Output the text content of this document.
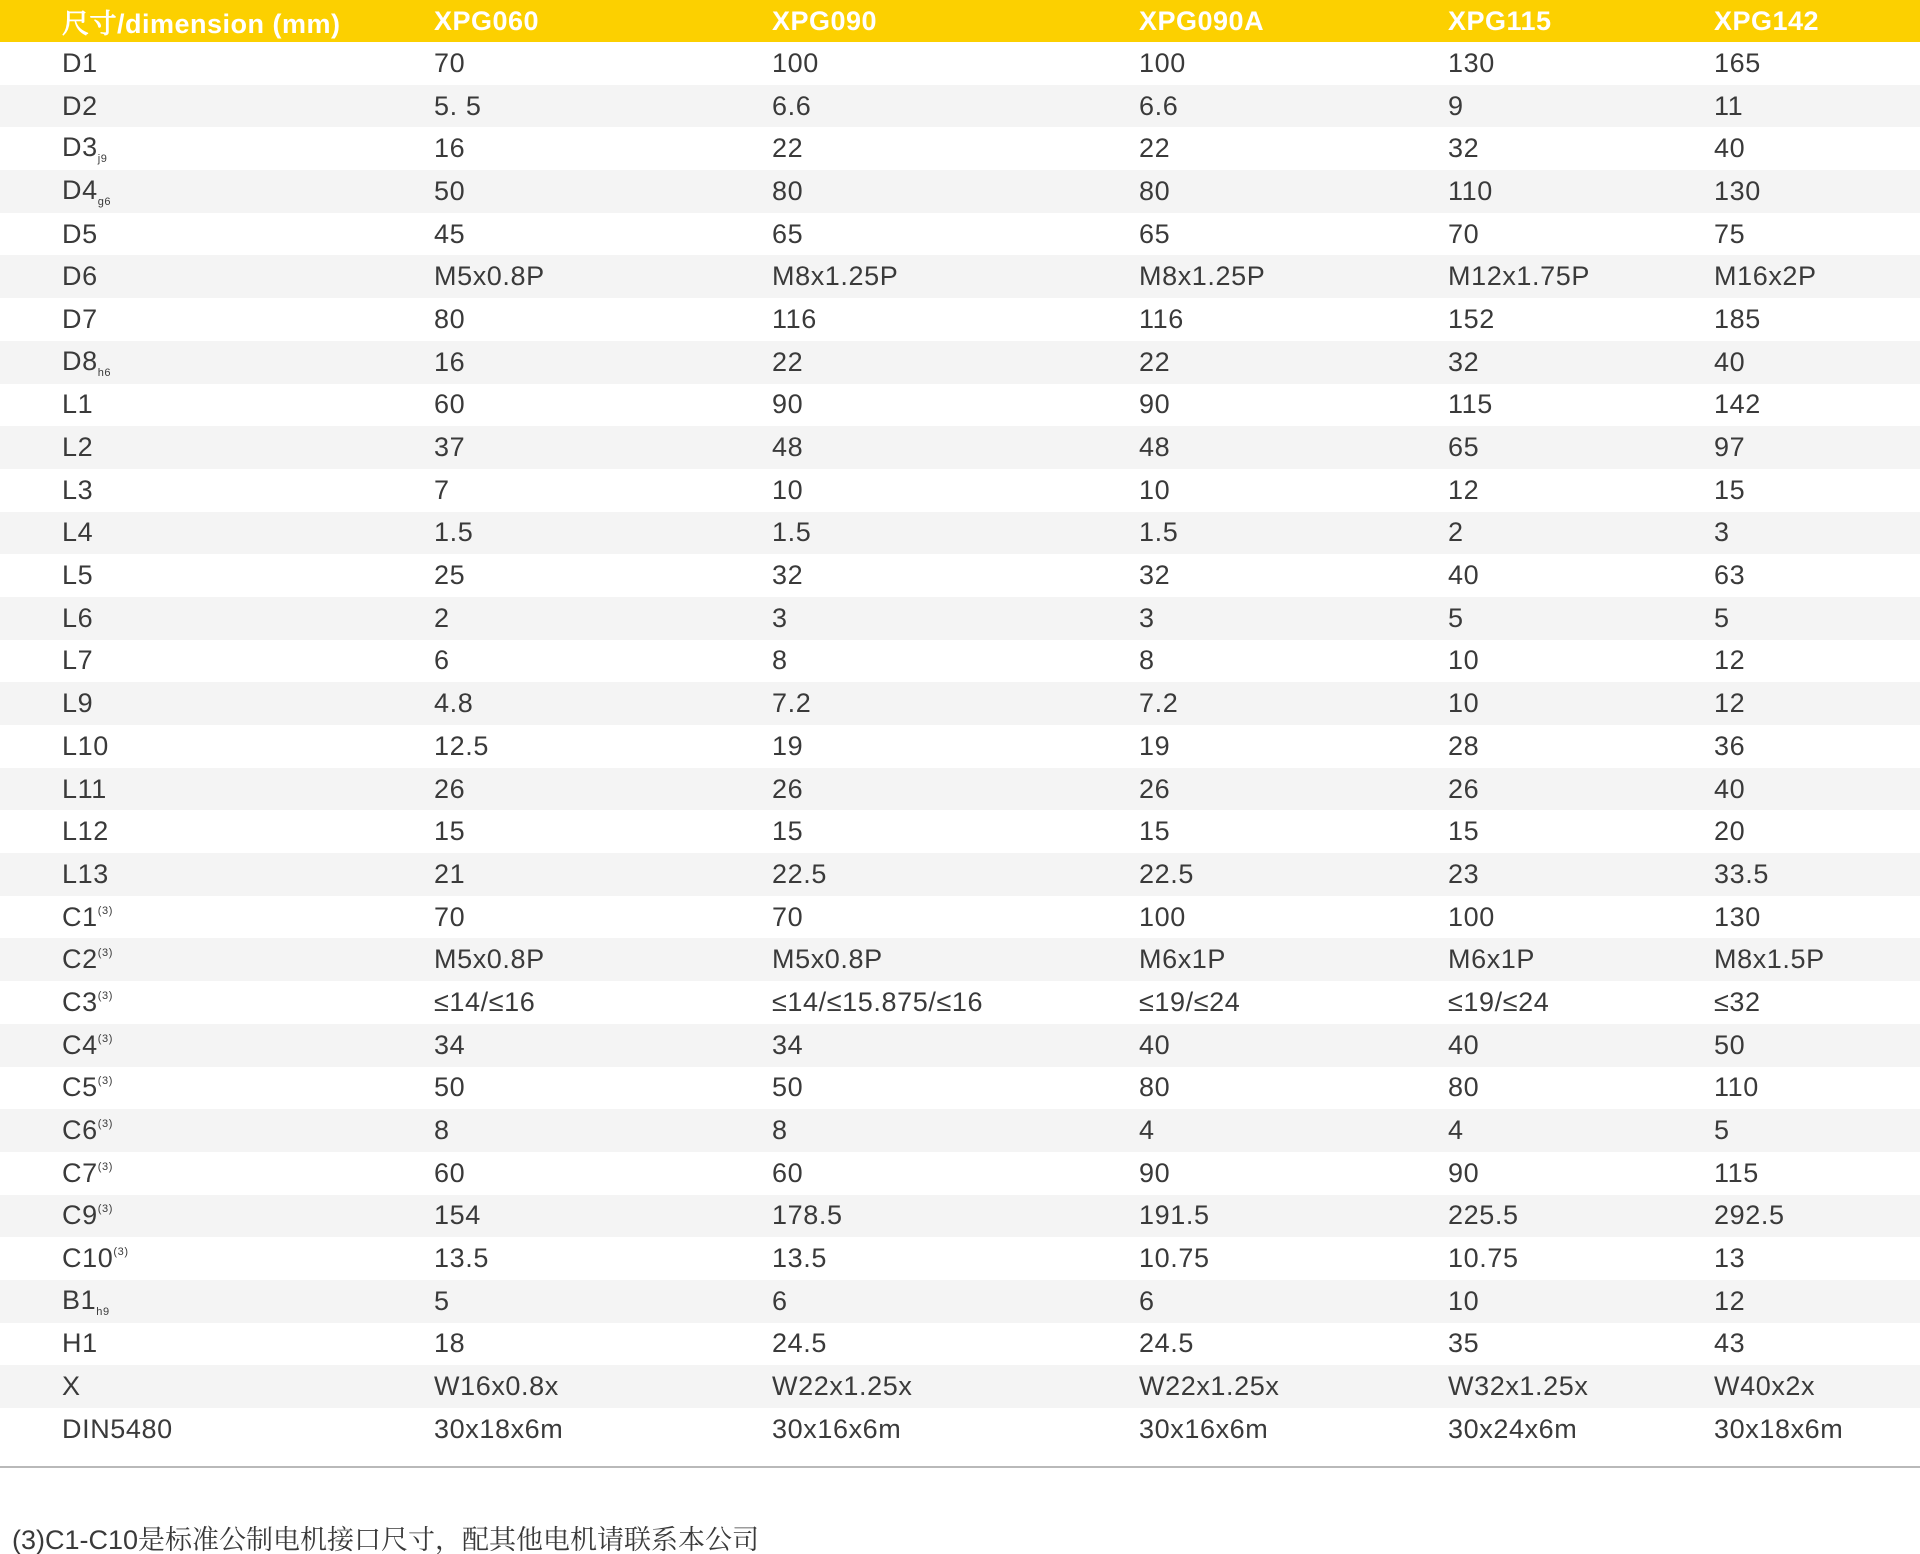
尺寸/dimension (mm)	XPG060	XPG090	XPG090A	XPG115	XPG142
D1	70	100	100	130	165
D2	5. 5	6.6	6.6	9	11
$D3_{j9}$	16	22	22	32	40
$D4_{g6}$	50	80	80	110	130
D5	45	65	65	70	75
D6	M5x0.8P	M8x1.25P	M8x1.25P	M12x1.75P	M16x2P
D7	80	116	116	152	185
$D8_{h6}$	16	22	22	32	40
L1	60	90	90	115	142
L2	37	48	48	65	97
L3	7	10	10	12	15
L4	1.5	1.5	1.5	2	3
L5	25	32	32	40	63
L6	2	3	3	5	5
L7	6	8	8	10	12
L9	4.8	7.2	7.2	10	12
L10	12.5	19	19	28	36
L11	26	26	26	26	40
L12	15	15	15	15	20
L13	21	22.5	22.5	23	33.5
C1$^{(3)}$	70	70	100	100	130
C2$^{(3)}$	M5x0.8P	M5x0.8P	M6x1P	M6x1P	M8x1.5P
$C3^{(3)}$	≤14/≤16	≤14/≤15.875/≤16	≤19/≤24	≤19/≤24	≤32
C4$^{(3)}$	34	34	40	40	50
C5$^{(3)}$	50	50	80	80	110
C6$^{(3)}$	8	8	4	4	5
C7$^{(3)}$	60	60	90	90	115
C9$^{(3)}$	154	178.5	191.5	225.5	292.5
C10$^{(3)}$	13.5	13.5	10.75	10.75	13
$B1_{h9}$	5	6	6	10	12
H1	18	24.5	24.5	35	43
X	W16x0.8x	W22x1.25x	W22x1.25x	W32x1.25x	W40x2x
DIN5480	30x18x6m	30x16x6m	30x16x6m	30x24x6m	30x18x6m
(3)C1-C10是标准公制电机接口尺寸，配其他电机请联系本公司
